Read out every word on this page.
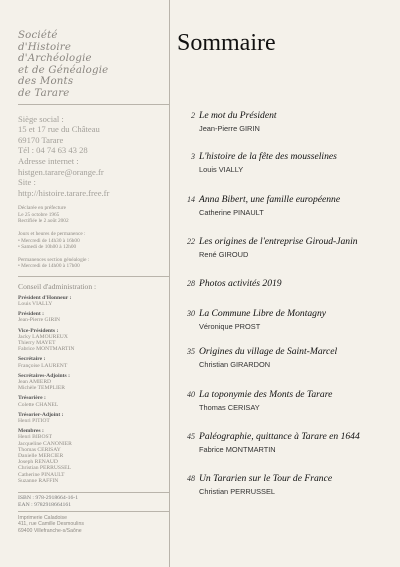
Société
d'Histoire
d'Archéologie
et de Généalogie
des Monts
de Tarare
Siège social :
15 et 17 rue du Château
69170 Tarare
Tél : 04 74 63 43 28
Adresse internet :
histgen.tarare@orange.fr
Site :
http://histoire.tarare.free.fr
Déclarée en préfecture
Le 25 octobre 1965
Rectifiée le 2 août 2002
Jours et heures de permanence :
• Mercredi de 14h30 à 16h00
• Samedi de 10h00 à 12h00
Permanences section généalogie :
• Mercredi de 14h00 à 17h00
Conseil d'administration :
Président d'Honneur :
Louis VIALLY
Président :
Jean-Pierre GIRIN
Vice-Présidents :
Jacky LAMOUREUX
Thierry MAYET
Fabrice MONTMARTIN
Secrétaire :
Françoise LAURENT
Secrétaires-Adjoints :
Jean AMIERD
Michèle TEMPLIER
Trésorière :
Colette CHANEL
Trésorier-Adjoint :
Henri PITIOT
Membres :
Henri BIBOST
Jacqueline CANONIER
Thomas CERISAY
Danielle MERCIER
Joseph RENAUD
Christian PERRUSSEL
Catherine PINAULT
Suzanne RAFFIN
ISBN : 978-2918664-16-1
EAN : 9782918664161
Imprimerie Caladoise
411, rue Camille Desmoulins
69400 Villefranche-s/Saône
Sommaire
2 Le mot du Président
Jean-Pierre GIRIN
3 L'histoire de la fête des mousselines
Louis VIALLY
14 Anna Bibert, une famille européenne
Catherine PINAULT
22 Les origines de l'entreprise Giroud-Janin
René GIROUD
28 Photos activités 2019
30 La Commune Libre de Montagny
Véronique PROST
35 Origines du village de Saint-Marcel
Christian GIRARDON
40 La toponymie des Monts de Tarare
Thomas CERISAY
45 Paléographie, quittance à Tarare en 1644
Fabrice MONTMARTIN
48 Un Tararien sur le Tour de France
Christian PERRUSSEL
